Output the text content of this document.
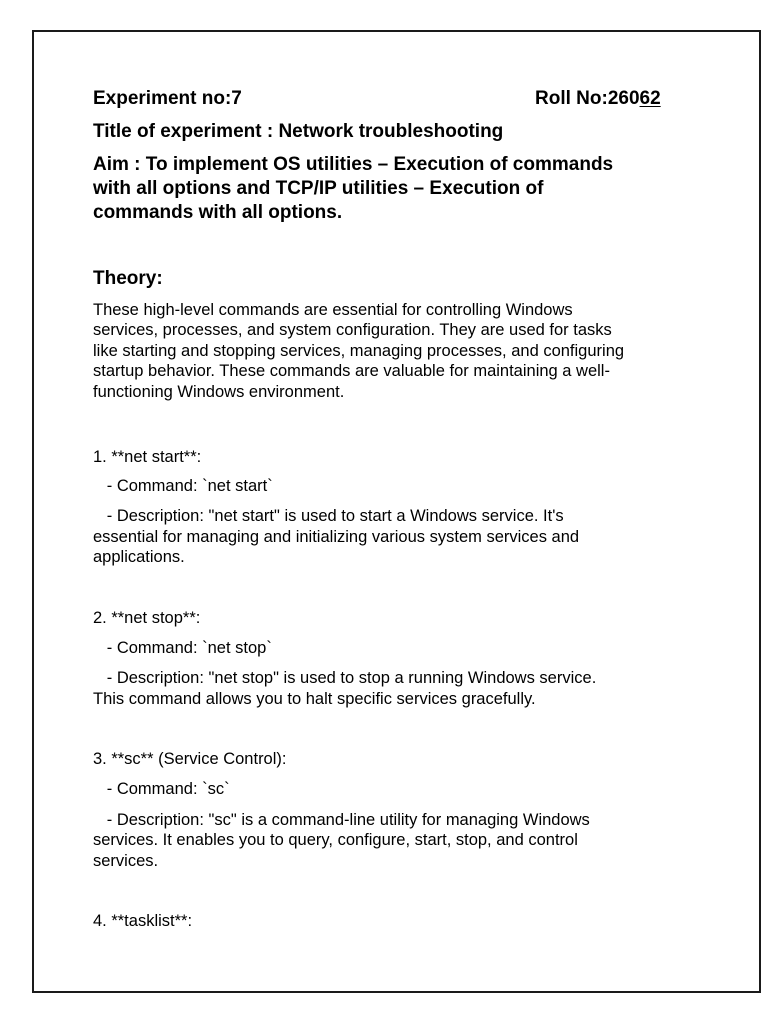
Experiment no:7	Roll No:26062
Title of experiment : Network troubleshooting
Aim : To implement OS utilities – Execution of commands
with all options and TCP/IP utilities – Execution of
commands with all options.
Theory:
These high-level commands are essential for controlling Windows
services, processes, and system configuration. They are used for tasks
like starting and stopping services, managing processes, and configuring
startup behavior. These commands are valuable for maintaining a well-
functioning Windows environment.
1. **net start**:
- Command: `net start`
- Description: "net start" is used to start a Windows service. It's
essential for managing and initializing various system services and
applications.
2. **net stop**:
- Command: `net stop`
- Description: "net stop" is used to stop a running Windows service.
This command allows you to halt specific services gracefully.
3. **sc** (Service Control):
- Command: `sc`
- Description: "sc" is a command-line utility for managing Windows
services. It enables you to query, configure, start, stop, and control
services.
4. **tasklist**:
